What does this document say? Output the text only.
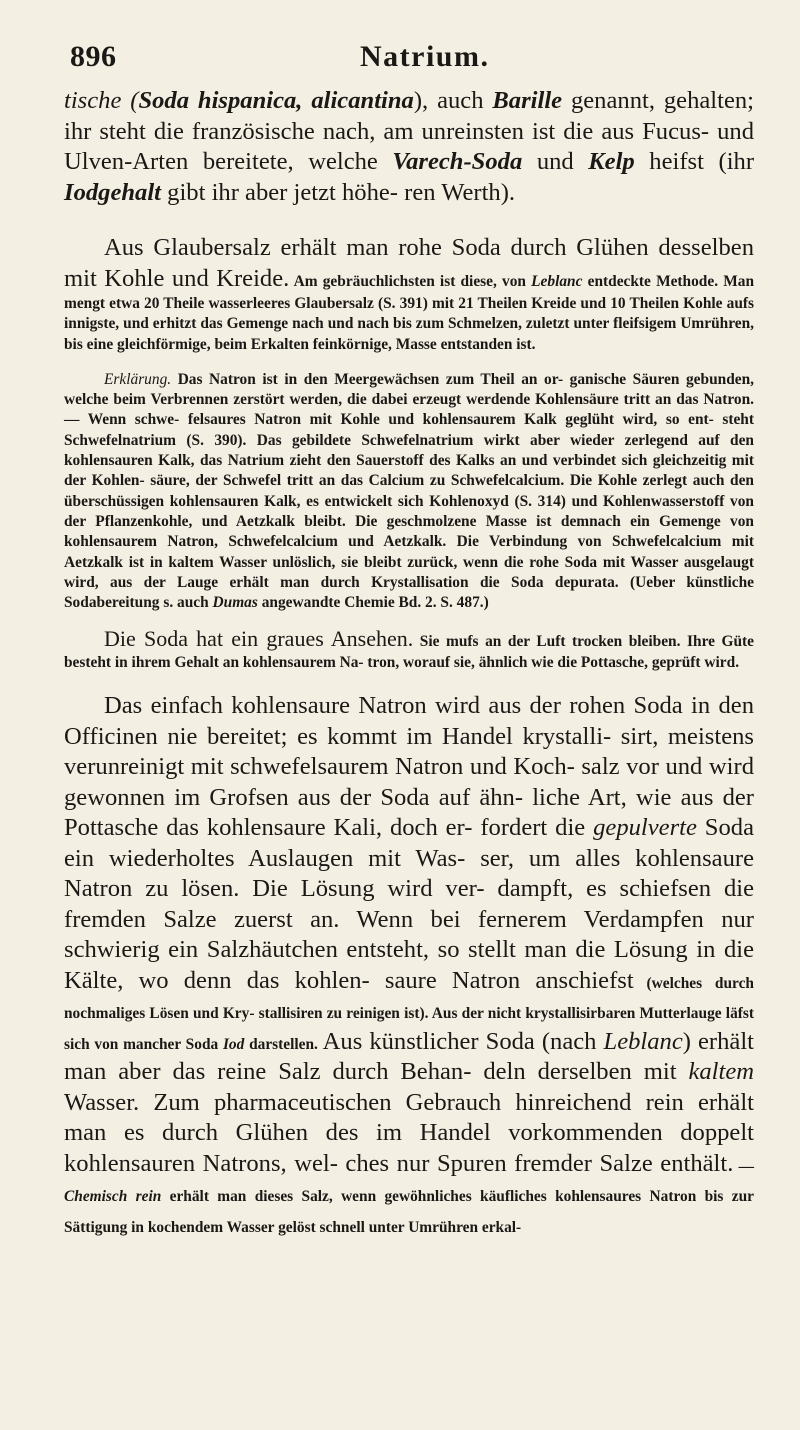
896	Natrium.

tische (Soda hispanica, alicantina), auch Barille genannt, gehalten; ihr steht die französische nach, am unreinsten ist die aus Fucus- und Ulven-Arten bereitete, welche Varech-Soda und Kelp heifst (ihr Iodgehalt gibt ihr aber jetzt höhe- ren Werth).

Aus Glaubersalz erhält man rohe Soda durch Glühen desselben mit Kohle und Kreide. Am gebräuchlichsten ist diese, von Leblanc entdeckte Methode. Man mengt etwa 20 Theile wasserleeres Glaubersalz (S. 391) mit 21 Theilen Kreide und 10 Theilen Kohle aufs innigste, und erhitzt das Gemenge nach und nach bis zum Schmelzen, zuletzt unter fleifsigem Umrühren, bis eine gleichförmige, beim Erkalten feinkörnige, Masse entstanden ist.

Erklärung. Das Natron ist in den Meergewächsen zum Theil an or- ganische Säuren gebunden, welche beim Verbrennen zerstört werden, die dabei erzeugt werdende Kohlensäure tritt an das Natron. — Wenn schwe- felsaures Natron mit Kohle und kohlensaurem Kalk geglüht wird, so ent- steht Schwefelnatrium (S. 390). Das gebildete Schwefelnatrium wirkt aber wieder zerlegend auf den kohlensauren Kalk, das Natrium zieht den Sauerstoff des Kalks an und verbindet sich gleichzeitig mit der Kohlen- säure, der Schwefel tritt an das Calcium zu Schwefelcalcium. Die Kohle zerlegt auch den überschüssigen kohlensauren Kalk, es entwickelt sich Kohlenoxyd (S. 314) und Kohlenwasserstoff von der Pflanzenkohle, und Aetzkalk bleibt. Die geschmolzene Masse ist demnach ein Gemenge von kohlensaurem Natron, Schwefelcalcium und Aetzkalk. Die Verbindung von Schwefelcalcium mit Aetzkalk ist in kaltem Wasser unlöslich, sie bleibt zurück, wenn die rohe Soda mit Wasser ausgelaugt wird, aus der Lauge erhält man durch Krystallisation die Soda depurata. (Ueber künstliche Sodabereitung s. auch Dumas angewandte Chemie Bd. 2. S. 487.)

Die Soda hat ein graues Ansehen. Sie mufs an der Luft trocken bleiben. Ihre Güte besteht in ihrem Gehalt an kohlensaurem Na- tron, worauf sie, ähnlich wie die Pottasche, geprüft wird.

Das einfach kohlensaure Natron wird aus der rohen Soda in den Officinen nie bereitet; es kommt im Handel krystalli- sirt, meistens verunreinigt mit schwefelsaurem Natron und Koch- salz vor und wird gewonnen im Grofsen aus der Soda auf ähn- liche Art, wie aus der Pottasche das kohlensaure Kali, doch er- fordert die gepulverte Soda ein wiederholtes Auslaugen mit Was- ser, um alles kohlensaure Natron zu lösen. Die Lösung wird ver- dampft, es schiefsen die fremden Salze zuerst an. Wenn bei fernerem Verdampfen nur schwierig ein Salzhäutchen entsteht, so stellt man die Lösung in die Kälte, wo denn das kohlen- saure Natron anschiefst (welches durch nochmaliges Lösen und Kry- stallisiren zu reinigen ist). Aus der nicht krystallisirbaren Mutterlauge läfst sich von mancher Soda Iod darstellen. Aus künstlicher Soda (nach Leblanc) erhält man aber das reine Salz durch Behan- deln derselben mit kaltem Wasser. Zum pharmaceutischen Gebrauch hinreichend rein erhält man es durch Glühen des im Handel vorkommenden doppelt kohlensauren Natrons, wel- ches nur Spuren fremder Salze enthält. — Chemisch rein erhält man dieses Salz, wenn gewöhnliches käufliches kohlensaures Natron bis zur Sättigung in kochendem Wasser gelöst schnell unter Umrühren erkal-
